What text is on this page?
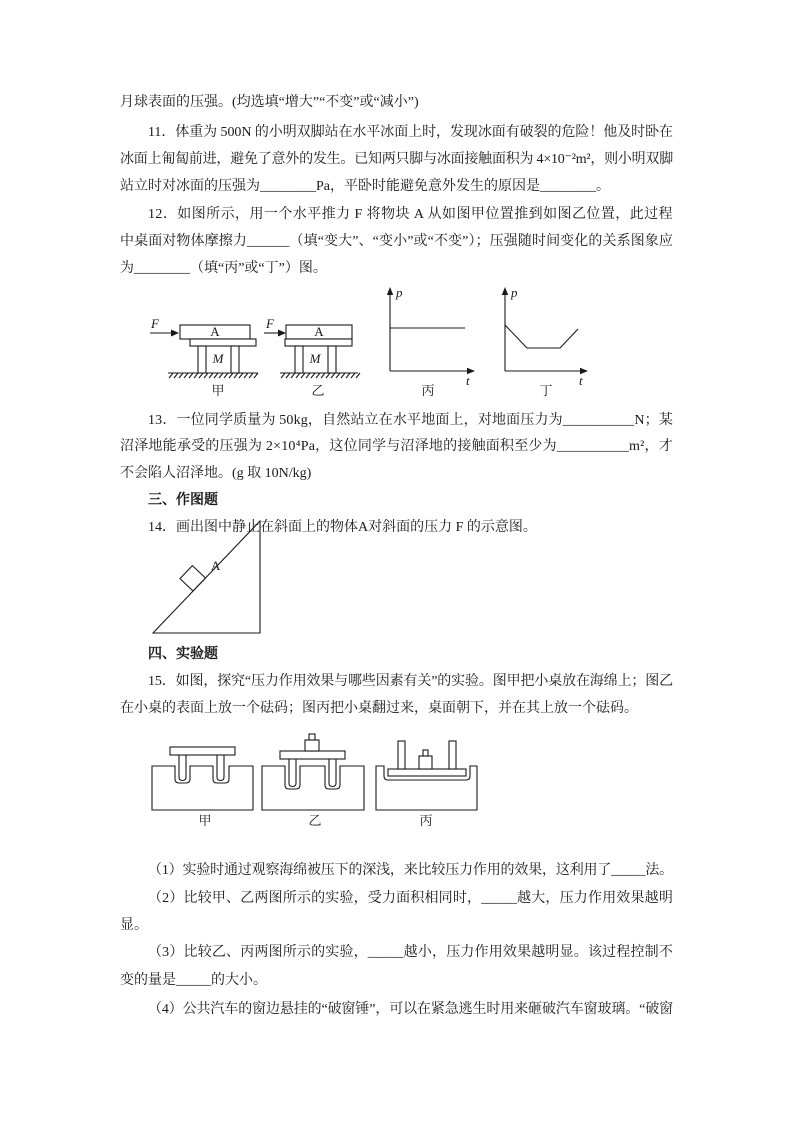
F
A
M
甲
F
A
M
乙
p
t
丙
p
t
丁
A
甲	乙	丙
月球表面的压强。(均选填“增大”“不变”或“减小”)
11．体重为 500N 的小明双脚站在水平冰面上时，发现冰面有破裂的危险！他及时卧在
冰面上匍匐前进，避免了意外的发生。已知两只脚与冰面接触面积为 4×10⁻²m²，则小明双脚
站立时对冰面的压强为________Pa，平卧时能避免意外发生的原因是________。
12．如图所示，用一个水平推力 F 将物块 A 从如图甲位置推到如图乙位置，此过程
中桌面对物体摩擦力______（填“变大”、“变小”或“不变”）；压强随时间变化的关系图象应
为________（填“丙”或“丁”）图。
13．一位同学质量为 50kg，自然站立在水平地面上，对地面压力为__________N；某
沼泽地能承受的压强为 2×10⁴Pa，这位同学与沼泽地的接触面积至少为__________m²，才
不会陷人沼泽地。(g 取 10N/kg)
三、作图题
14．画出图中静止在斜面上的物体A对斜面的压力 F 的示意图。
四、实验题
15．如图，探究“压力作用效果与哪些因素有关”的实验。图甲把小桌放在海绵上；图乙
在小桌的表面上放一个砝码；图丙把小桌翻过来，桌面朝下，并在其上放一个砝码。
（1）实验时通过观察海绵被压下的深浅，来比较压力作用的效果，这利用了_____法。
（2）比较甲、乙两图所示的实验，受力面积相同时，_____越大，压力作用效果越明
显。
（3）比较乙、丙两图所示的实验，_____越小，压力作用效果越明显。该过程控制不
变的量是_____的大小。
（4）公共汽车的窗边悬挂的“破窗锤”，可以在紧急逃生时用来砸破汽车窗玻璃。“破窗
